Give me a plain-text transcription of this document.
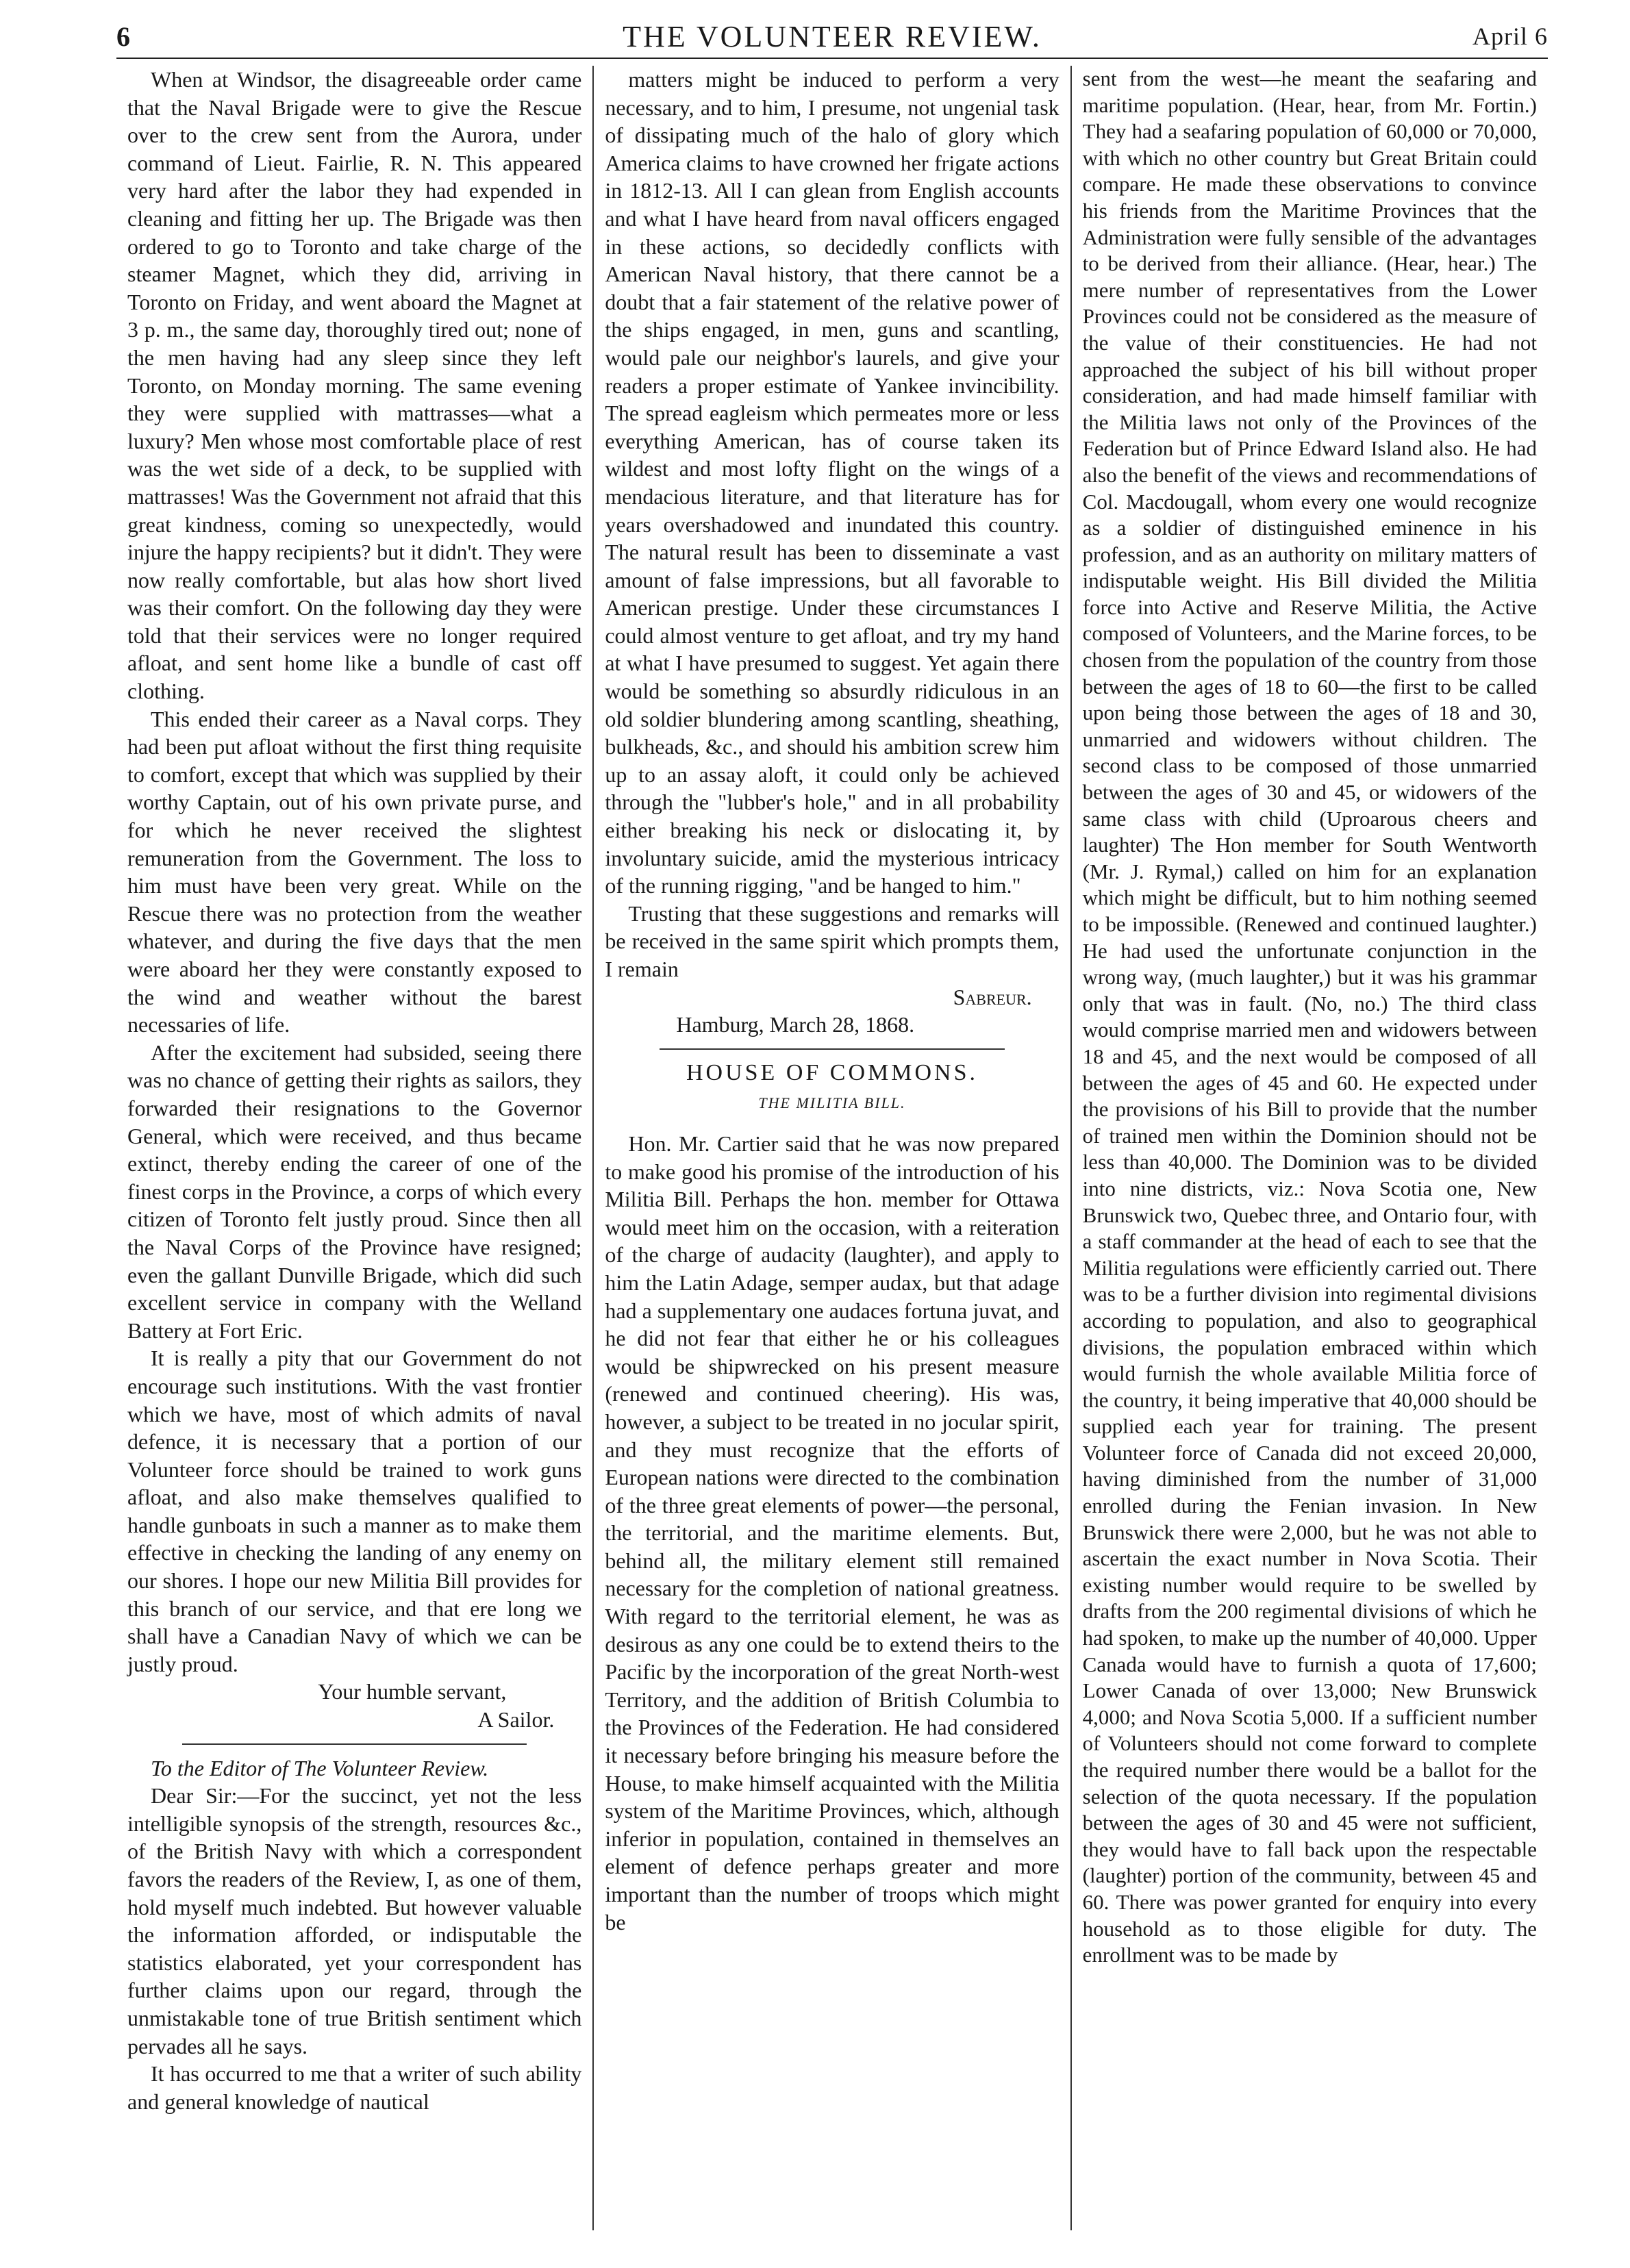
6	THE VOLUNTEER REVIEW.	April 6

When at Windsor, the disagreeable order came that the Naval Brigade were to give the Rescue over to the crew sent from the Aurora, under command of Lieut. Fairlie, R. N. This appeared very hard after the labor they had expended in cleaning and fitting her up. The Brigade was then ordered to go to Toronto and take charge of the steamer Magnet, which they did, arriving in Toronto on Friday, and went aboard the Magnet at 3 p. m., the same day, thoroughly tired out; none of the men having had any sleep since they left Toronto, on Monday morning. The same evening they were supplied with mattrasses—what a luxury? Men whose most comfortable place of rest was the wet side of a deck, to be supplied with mattrasses! Was the Government not afraid that this great kindness, coming so unexpectedly, would injure the happy recipients? but it didn't. They were now really comfortable, but alas how short lived was their comfort. On the following day they were told that their services were no longer required afloat, and sent home like a bundle of cast off clothing.

This ended their career as a Naval corps. They had been put afloat without the first thing requisite to comfort, except that which was supplied by their worthy Captain, out of his own private purse, and for which he never received the slightest remuneration from the Government. The loss to him must have been very great. While on the Rescue there was no protection from the weather whatever, and during the five days that the men were aboard her they were constantly exposed to the wind and weather without the barest necessaries of life.

After the excitement had subsided, seeing there was no chance of getting their rights as sailors, they forwarded their resignations to the Governor General, which were received, and thus became extinct, thereby ending the career of one of the finest corps in the Province, a corps of which every citizen of Toronto felt justly proud. Since then all the Naval Corps of the Province have resigned; even the gallant Dunville Brigade, which did such excellent service in company with the Welland Battery at Fort Eric.

It is really a pity that our Government do not encourage such institutions. With the vast frontier which we have, most of which admits of naval defence, it is necessary that a portion of our Volunteer force should be trained to work guns afloat, and also make themselves qualified to handle gunboats in such a manner as to make them effective in checking the landing of any enemy on our shores. I hope our new Militia Bill provides for this branch of our service, and that ere long we shall have a Canadian Navy of which we can be justly proud.

Your humble servant,
A Sailor.

To the Editor of The Volunteer Review.

Dear Sir:—For the succinct, yet not the less intelligible synopsis of the strength, resources &c., of the British Navy with which a correspondent favors the readers of the Review, I, as one of them, hold myself much indebted. But however valuable the information afforded, or indisputable the statistics elaborated, yet your correspondent has further claims upon our regard, through the unmistakable tone of true British sentiment which pervades all he says.

It has occurred to me that a writer of such ability and general knowledge of nautical

matters might be induced to perform a very necessary, and to him, I presume, not ungenial task of dissipating much of the halo of glory which America claims to have crowned her frigate actions in 1812-13. All I can glean from English accounts and what I have heard from naval officers engaged in these actions, so decidedly conflicts with American Naval history, that there cannot be a doubt that a fair statement of the relative power of the ships engaged, in men, guns and scantling, would pale our neighbor's laurels, and give your readers a proper estimate of Yankee invincibility. The spread eagleism which permeates more or less everything American, has of course taken its wildest and most lofty flight on the wings of a mendacious literature, and that literature has for years overshadowed and inundated this country. The natural result has been to disseminate a vast amount of false impressions, but all favorable to American prestige. Under these circumstances I could almost venture to get afloat, and try my hand at what I have presumed to suggest. Yet again there would be something so absurdly ridiculous in an old soldier blundering among scantling, sheathing, bulkheads, &c., and should his ambition screw him up to an assay aloft, it could only be achieved through the "lubber's hole," and in all probability either breaking his neck or dislocating it, by involuntary suicide, amid the mysterious intricacy of the running rigging, "and be hanged to him."

Trusting that these suggestions and remarks will be received in the same spirit which prompts them, I remain

Sabreur.

Hamburg, March 28, 1868.

HOUSE OF COMMONS.
THE MILITIA BILL.

Hon. Mr. Cartier said that he was now prepared to make good his promise of the introduction of his Militia Bill. Perhaps the hon. member for Ottawa would meet him on the occasion, with a reiteration of the charge of audacity (laughter), and apply to him the Latin Adage, semper audax, but that adage had a supplementary one audaces fortuna juvat, and he did not fear that either he or his colleagues would be shipwrecked on his present measure (renewed and continued cheering). His was, however, a subject to be treated in no jocular spirit, and they must recognize that the efforts of European nations were directed to the combination of the three great elements of power—the personal, the territorial, and the maritime elements. But, behind all, the military element still remained necessary for the completion of national greatness. With regard to the territorial element, he was as desirous as any one could be to extend theirs to the Pacific by the incorporation of the great North-west Territory, and the addition of British Columbia to the Provinces of the Federation. He had considered it necessary before bringing his measure before the House, to make himself acquainted with the Militia system of the Maritime Provinces, which, although inferior in population, contained in themselves an element of defence perhaps greater and more important than the number of troops which might be

sent from the west—he meant the seafaring and maritime population. (Hear, hear, from Mr. Fortin.) They had a seafaring population of 60,000 or 70,000, with which no other country but Great Britain could compare. He made these observations to convince his friends from the Maritime Provinces that the Administration were fully sensible of the advantages to be derived from their alliance. (Hear, hear.) The mere number of representatives from the Lower Provinces could not be considered as the measure of the value of their constituencies. He had not approached the subject of his bill without proper consideration, and had made himself familiar with the Militia laws not only of the Provinces of the Federation but of Prince Edward Island also. He had also the benefit of the views and recommendations of Col. Macdougall, whom every one would recognize as a soldier of distinguished eminence in his profession, and as an authority on military matters of indisputable weight. His Bill divided the Militia force into Active and Reserve Militia, the Active composed of Volunteers, and the Marine forces, to be chosen from the population of the country from those between the ages of 18 to 60—the first to be called upon being those between the ages of 18 and 30, unmarried and widowers without children. The second class to be composed of those unmarried between the ages of 30 and 45, or widowers of the same class with child (Uproarous cheers and laughter) The Hon member for South Wentworth (Mr. J. Rymal,) called on him for an explanation which might be difficult, but to him nothing seemed to be impossible. (Renewed and continued laughter.) He had used the unfortunate conjunction in the wrong way, (much laughter,) but it was his grammar only that was in fault. (No, no.) The third class would comprise married men and widowers between 18 and 45, and the next would be composed of all between the ages of 45 and 60. He expected under the provisions of his Bill to provide that the number of trained men within the Dominion should not be less than 40,000. The Dominion was to be divided into nine districts, viz.: Nova Scotia one, New Brunswick two, Quebec three, and Ontario four, with a staff commander at the head of each to see that the Militia regulations were efficiently carried out. There was to be a further division into regimental divisions according to population, and also to geographical divisions, the population embraced within which would furnish the whole available Militia force of the country, it being imperative that 40,000 should be supplied each year for training. The present Volunteer force of Canada did not exceed 20,000, having diminished from the number of 31,000 enrolled during the Fenian invasion. In New Brunswick there were 2,000, but he was not able to ascertain the exact number in Nova Scotia. Their existing number would require to be swelled by drafts from the 200 regimental divisions of which he had spoken, to make up the number of 40,000. Upper Canada would have to furnish a quota of 17,600; Lower Canada of over 13,000; New Brunswick 4,000; and Nova Scotia 5,000. If a sufficient number of Volunteers should not come forward to complete the required number there would be a ballot for the selection of the quota necessary. If the population between the ages of 30 and 45 were not sufficient, they would have to fall back upon the respectable (laughter) portion of the community, between 45 and 60. There was power granted for enquiry into every household as to those eligible for duty. The enrollment was to be made by
